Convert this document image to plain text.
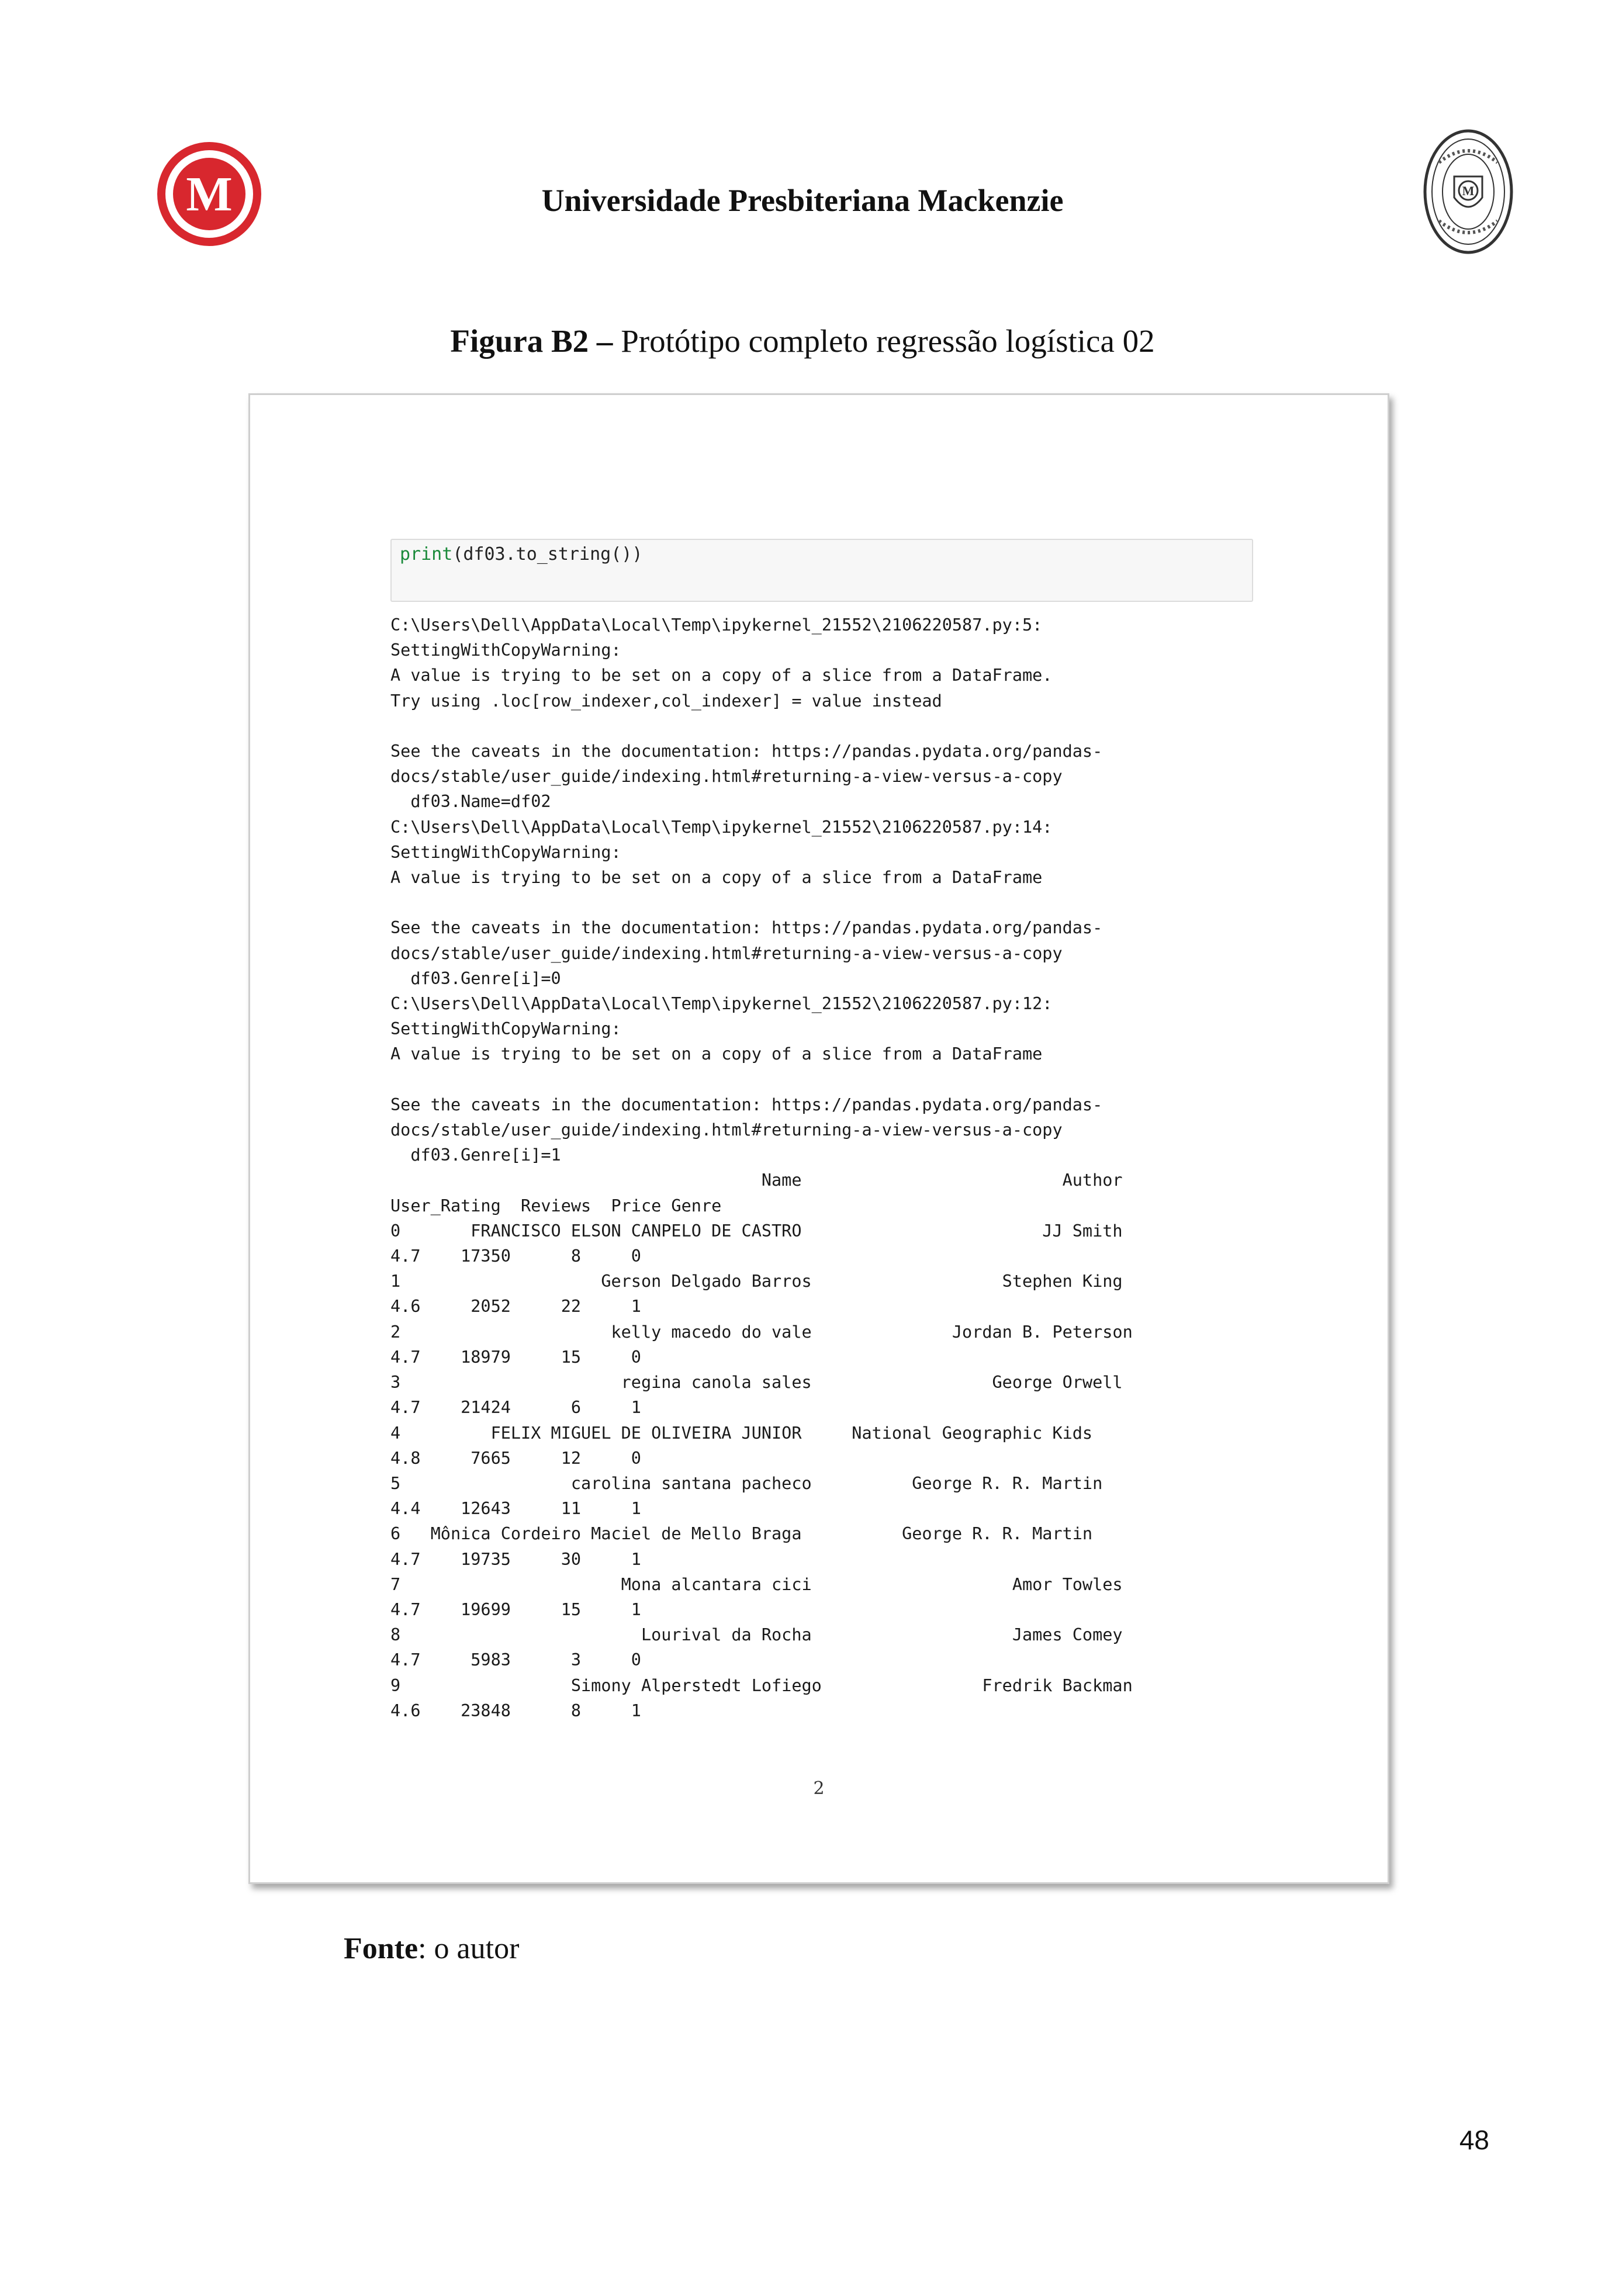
M	Universidade Presbiteriana Mackenzie	M

Figura B2 – Protótipo completo regressão logística 02

print(df03.to_string())
C:\Users\Dell\AppData\Local\Temp\ipykernel_21552\2106220587.py:5:
SettingWithCopyWarning:
A value is trying to be set on a copy of a slice from a DataFrame.
Try using .loc[row_indexer,col_indexer] = value instead

See the caveats in the documentation: https://pandas.pydata.org/pandas-
docs/stable/user_guide/indexing.html#returning-a-view-versus-a-copy
df03.Name=df02
C:\Users\Dell\AppData\Local\Temp\ipykernel_21552\2106220587.py:14:
SettingWithCopyWarning:
A value is trying to be set on a copy of a slice from a DataFrame

See the caveats in the documentation: https://pandas.pydata.org/pandas-
docs/stable/user_guide/indexing.html#returning-a-view-versus-a-copy
df03.Genre[i]=0
C:\Users\Dell\AppData\Local\Temp\ipykernel_21552\2106220587.py:12:
SettingWithCopyWarning:
A value is trying to be set on a copy of a slice from a DataFrame

See the caveats in the documentation: https://pandas.pydata.org/pandas-
docs/stable/user_guide/indexing.html#returning-a-view-versus-a-copy
df03.Genre[i]=1
Name                          Author
User_Rating  Reviews  Price Genre
0       FRANCISCO ELSON CANPELO DE CASTRO                        JJ Smith
4.7    17350      8     0
1                    Gerson Delgado Barros                   Stephen King
4.6     2052     22     1
2                     kelly macedo do vale              Jordan B. Peterson
4.7    18979     15     0
3                      regina canola sales                  George Orwell
4.7    21424      6     1
4         FELIX MIGUEL DE OLIVEIRA JUNIOR     National Geographic Kids
4.8     7665     12     0
5                 carolina santana pacheco          George R. R. Martin
4.4    12643     11     1
6   Mônica Cordeiro Maciel de Mello Braga          George R. R. Martin
4.7    19735     30     1
7                      Mona alcantara cici                    Amor Towles
4.7    19699     15     1
8                        Lourival da Rocha                    James Comey
4.7     5983      3     0
9                 Simony Alperstedt Lofiego                Fredrik Backman
4.6    23848      8     1
2

Fonte: o autor

48
